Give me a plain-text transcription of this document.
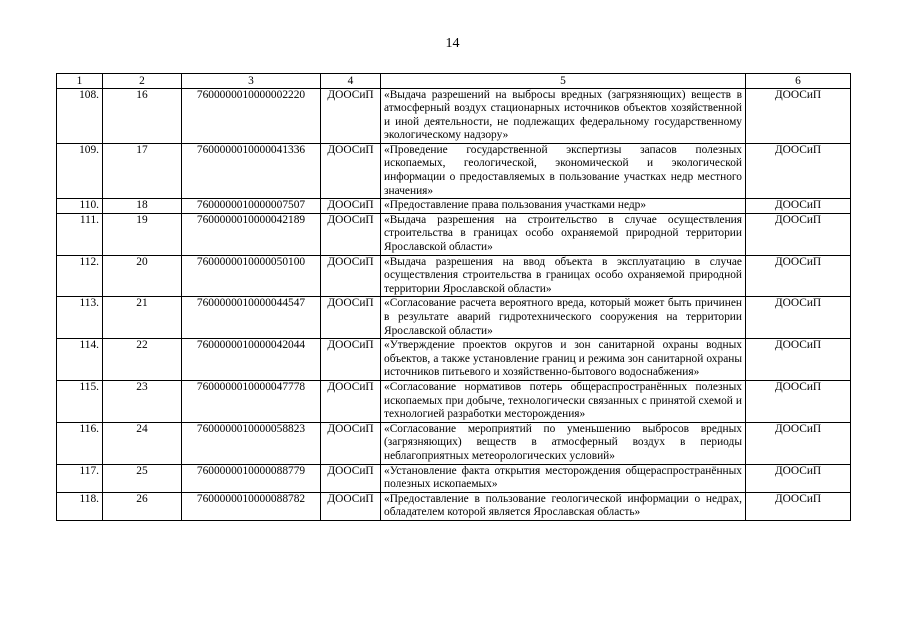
14
1	2	3	4	5	6
108.	16	7600000010000002220	ДООСиП	«Выдача разрешений на выбросы вредных (загрязняющих) веществ в атмосферный воздух стационарных источников объектов хозяйственной и иной деятельности, не подлежащих федеральному государственному экологическому надзору»	ДООСиП
109.	17	7600000010000041336	ДООСиП	«Проведение государственной экспертизы запасов полезных ископаемых, геологической, экономической и экологической информации о предоставляемых в пользование участках недр местного значения»	ДООСиП
110.	18	7600000010000007507	ДООСиП	«Предоставление права пользования участками недр»	ДООСиП
111.	19	7600000010000042189	ДООСиП	«Выдача разрешения на строительство в случае осуществления строительства в границах особо охраняемой природной территории Ярославской области»	ДООСиП
112.	20	7600000010000050100	ДООСиП	«Выдача разрешения на ввод объекта в эксплуатацию в случае осуществления строительства в границах особо охраняемой природной территории Ярославской области»	ДООСиП
113.	21	7600000010000044547	ДООСиП	«Согласование расчета вероятного вреда, который может быть причинен в результате аварий гидротехнического сооружения на территории Ярославской области»	ДООСиП
114.	22	7600000010000042044	ДООСиП	«Утверждение проектов округов и зон санитарной охраны водных объектов, а также установление границ и режима зон санитарной охраны источников питьевого и хозяйственно-бытового водоснабжения»	ДООСиП
115.	23	7600000010000047778	ДООСиП	«Согласование нормативов потерь общераспространённых полезных ископаемых при добыче, технологически связанных с принятой схемой и технологией разработки месторождения»	ДООСиП
116.	24	7600000010000058823	ДООСиП	«Согласование мероприятий по уменьшению выбросов вредных (загрязняющих) веществ в атмосферный воздух в периоды неблагоприятных метеорологических условий»	ДООСиП
117.	25	7600000010000088779	ДООСиП	«Установление факта открытия месторождения общераспространённых полезных ископаемых»	ДООСиП
118.	26	7600000010000088782	ДООСиП	«Предоставление в пользование геологической информации о недрах, обладателем которой является Ярославская область»	ДООСиП
